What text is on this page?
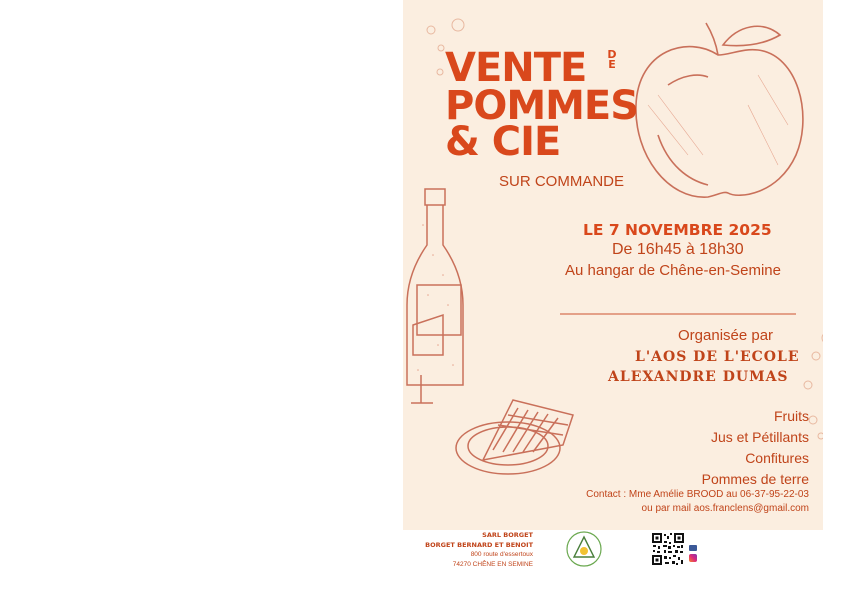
VENTE DE
POMMES
& CIE
SUR COMMANDE
LE 7 NOVEMBRE 2025
De 16h45 à 18h30
Au hangar de Chêne-en-Semine
Organisée par
L'AOS DE L'ECOLE
ALEXANDRE DUMAS
Fruits
Jus et Pétillants
Confitures
Pommes de terre
Contact : Mme Amélie BROOD au 06-37-95-22-03
ou par mail aos.franclens@gmail.com
SARL BORGET
BORGET BERNARD ET BENOIT
800 route d'essertoux
74270 CHÊNE EN SEMINE
